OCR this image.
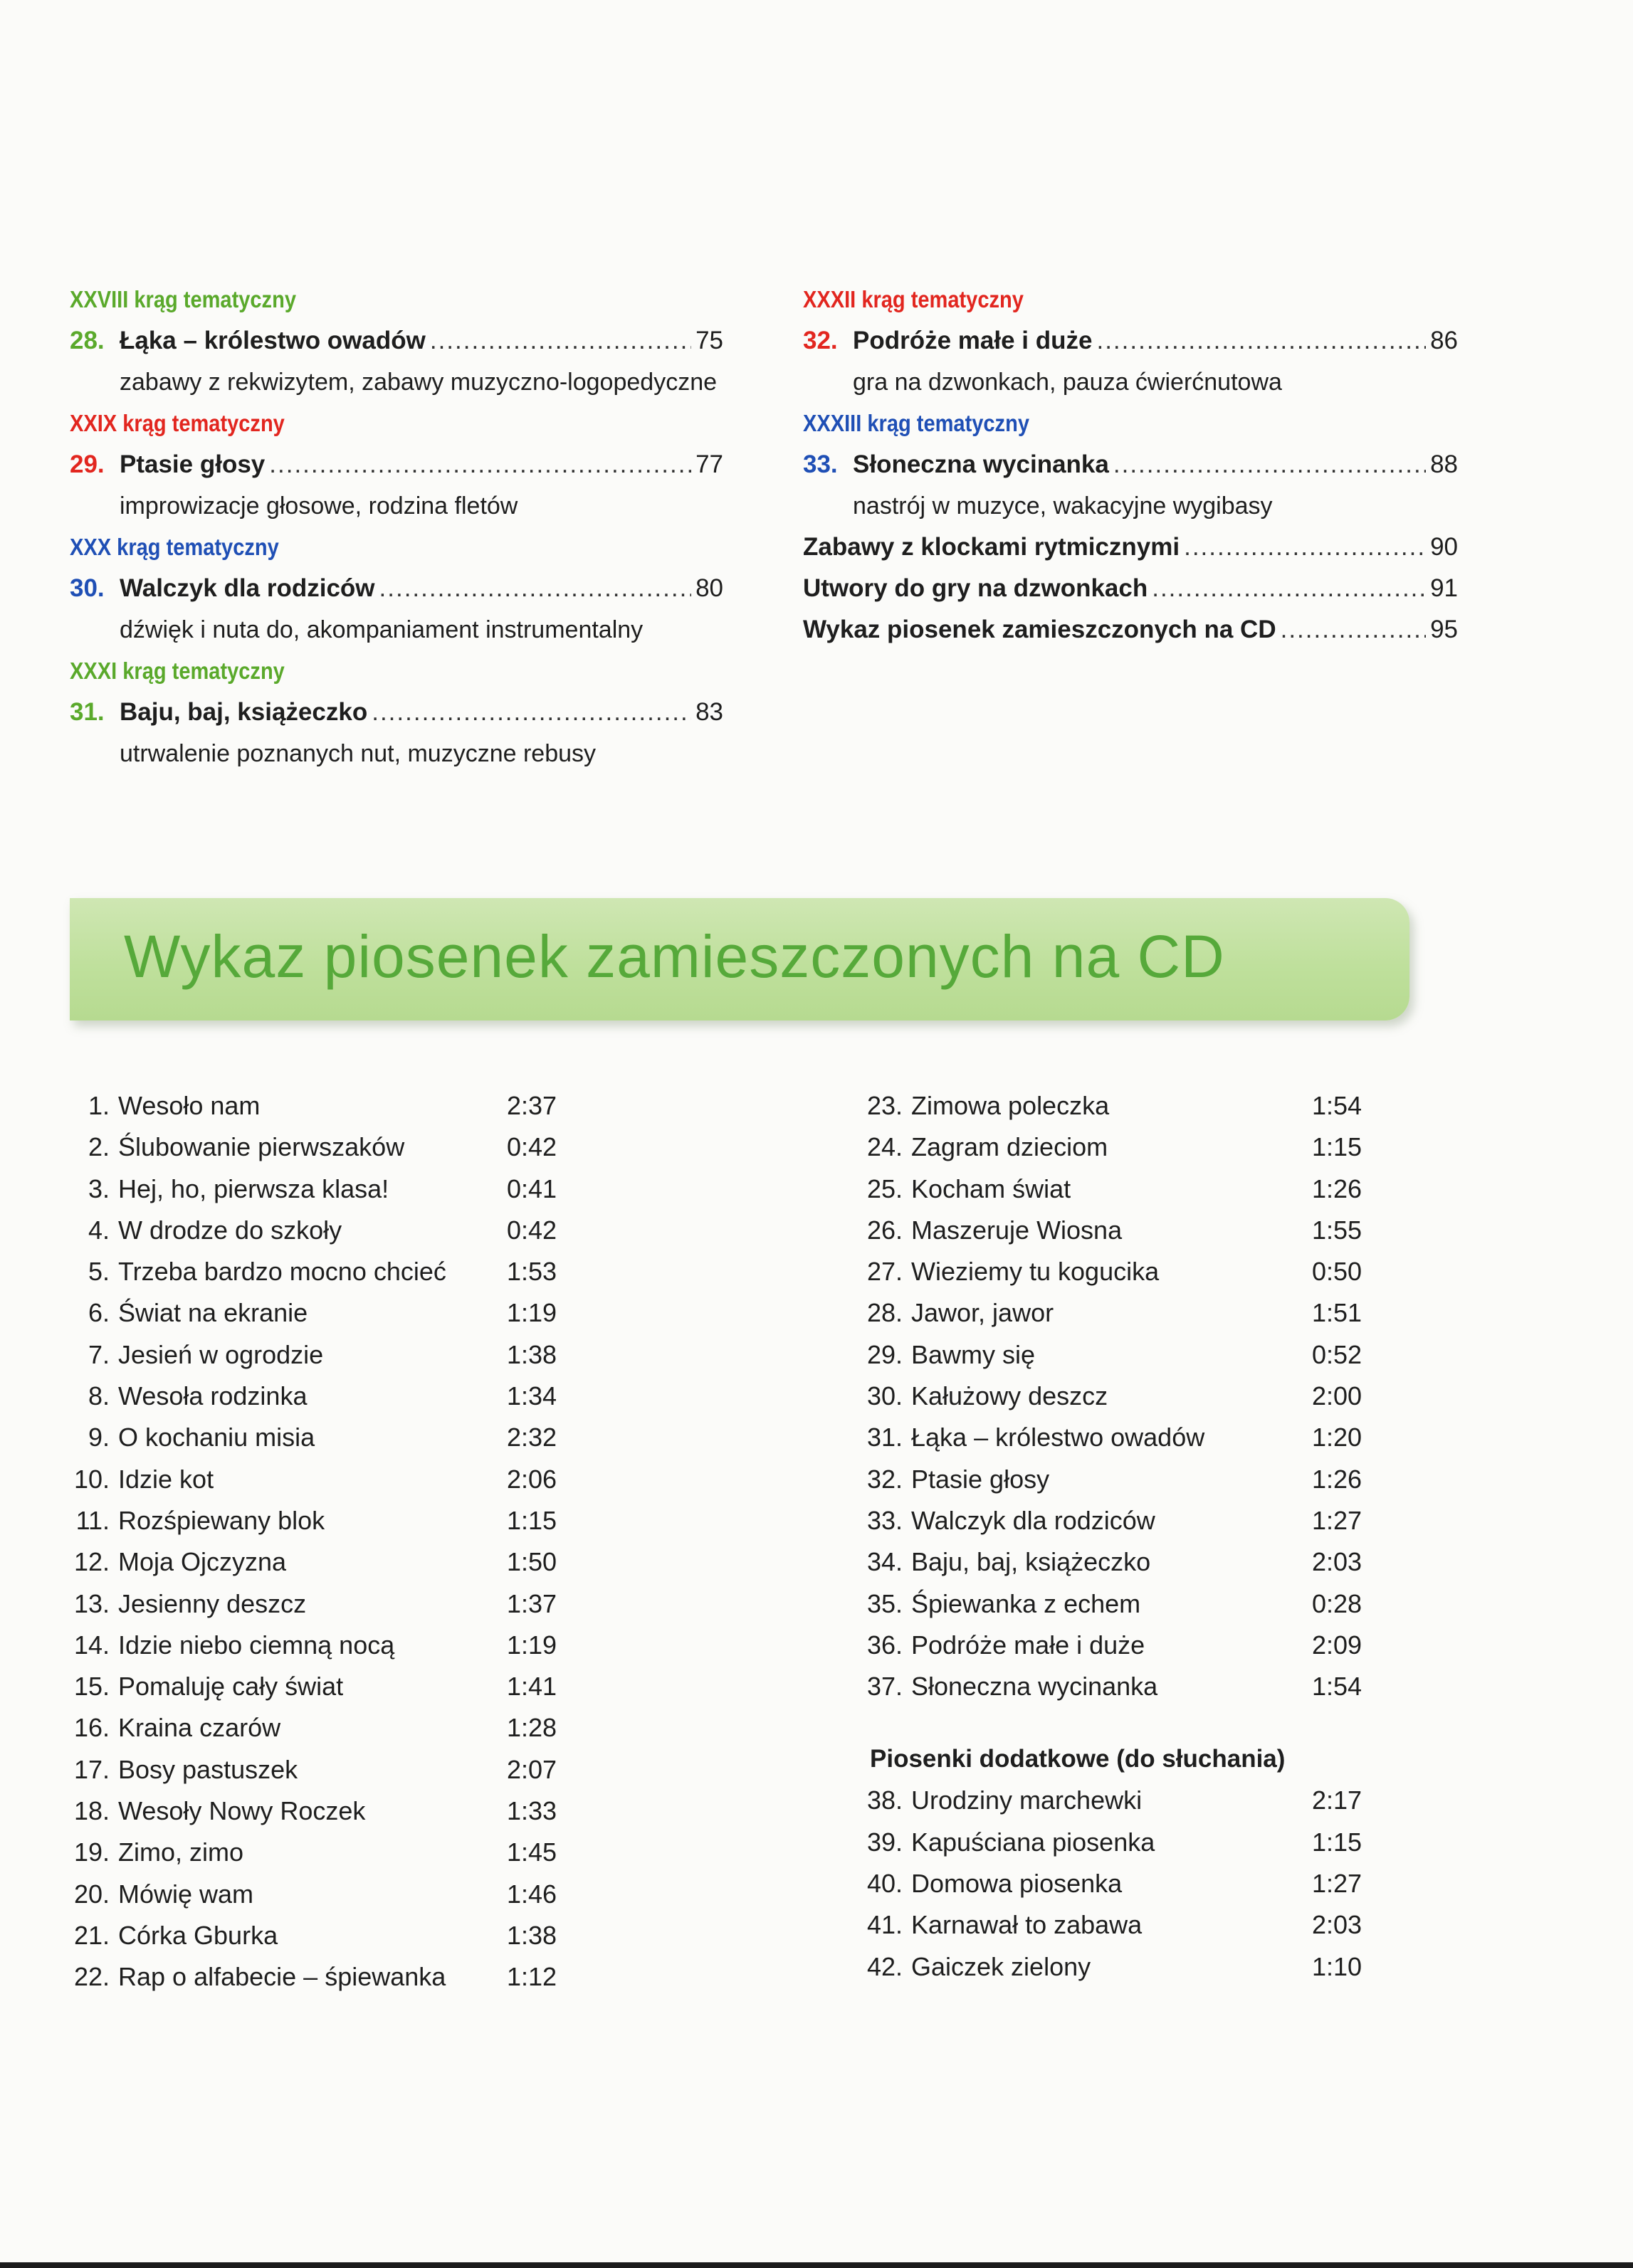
XXVIII krąg tematyczny
28. Łąka – królestwo owadów .....	75
zabawy z rekwizytem, zabawy muzyczno-logopedyczne
XXIX krąg tematyczny
29. Ptasie głosy .....	77
improwizacje głosowe, rodzina fletów
XXX krąg tematyczny
30. Walczyk dla rodziców .....	80
dźwięk i nuta do, akompaniament instrumentalny
XXXI krąg tematyczny
31. Baju, baj, książeczko .....	83
utrwalenie poznanych nut, muzyczne rebusy
XXXII krąg tematyczny
32. Podróże małe i duże .....	86
gra na dzwonkach, pauza ćwierćnutowa
XXXIII krąg tematyczny
33. Słoneczna wycinanka .....	88
nastrój w muzyce, wakacyjne wygibasy
Zabawy z klockami rytmicznymi .....	90
Utwory do gry na dzwonkach .....	91
Wykaz piosenek zamieszczonych na CD .....	95
Wykaz piosenek zamieszczonych na CD
1. Wesoło nam	2:37
2. Ślubowanie pierwszaków	0:42
3. Hej, ho, pierwsza klasa!	0:41
4. W drodze do szkoły	0:42
5. Trzeba bardzo mocno chcieć 1:53
6. Świat na ekranie	1:19
7. Jesień w ogrodzie	1:38
8. Wesoła rodzinka	1:34
9. O kochaniu misia	2:32
10. Idzie kot	2:06
11. Rozśpiewany blok	1:15
12. Moja Ojczyzna	1:50
13. Jesienny deszcz	1:37
14. Idzie niebo ciemną nocą	1:19
15. Pomaluję cały świat	1:41
16. Kraina czarów	1:28
17. Bosy pastuszek	2:07
18. Wesoły Nowy Roczek	1:33
19. Zimo, zimo	1:45
20. Mówię wam	1:46
21. Córka Gburka	1:38
22. Rap o alfabecie – śpiewanka 1:12
23. Zimowa poleczka	1:54
24. Zagram dzieciom	1:15
25. Kocham świat	1:26
26. Maszeruje Wiosna	1:55
27. Wieziemy tu kogucika	0:50
28. Jawor, jawor	1:51
29. Bawmy się	0:52
30. Kałużowy deszcz	2:00
31. Łąka – królestwo owadów	1:20
32. Ptasie głosy	1:26
33. Walczyk dla rodziców	1:27
34. Baju, baj, książeczko	2:03
35. Śpiewanka z echem	0:28
36. Podróże małe i duże	2:09
37. Słoneczna wycinanka	1:54
Piosenki dodatkowe (do słuchania)
38. Urodziny marchewki	2:17
39. Kapuściana piosenka	1:15
40. Domowa piosenka	1:27
41. Karnawał to zabawa	2:03
42. Gaiczek zielony	1:10
